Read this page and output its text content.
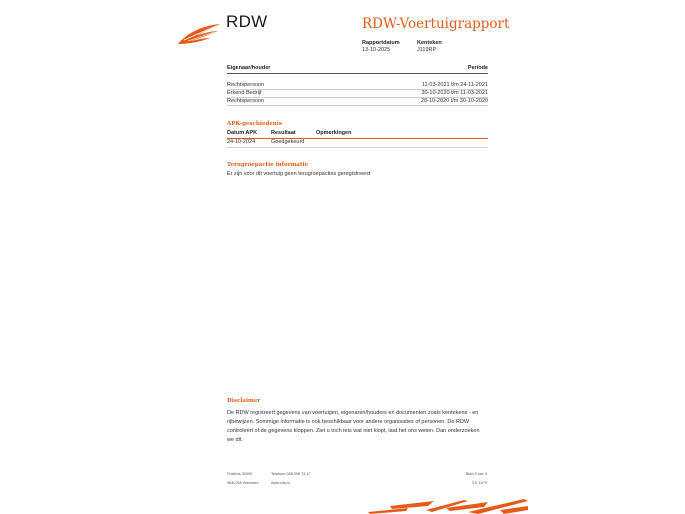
RDW	RDW-Voertuigrapport
Rapportdatum
13-10-2025
Kenteken
J119RP
Eigenaar/houder	Periode
Rechtspersoon	11-03-2021 t/m 24-11-2021
Erkend Bedrijf	30-10-2020 t/m 11-03-2021
Rechtspersoon	28-10-2020 t/m 30-10-2020
APK-geschiedenis
Datum APK	Resultaat	Opmerkingen
24-10-2024	Goedgekeurd
Terugroepactie informatie
Er zijn voor dit voertuig geen terugroepacties geregistreerd
Disclaimer
De RDW registreert gegevens van voertuigen, eigenaren/houders en documenten zoals kentekens - en
rijbewijzen. Sommige informatie is ook beschikbaar voor andere organisaties of personen. De RDW
controleert of de gegevens kloppen. Ziet u toch iets wat niet klopt, laat het ons weten. Dan onderzoeken
we dit.
Postbus 30000
9640 RA Veendam
Telefoon 088 008 74 47
www.rdw.nl
Blad 3 van 3
3 E 1679
